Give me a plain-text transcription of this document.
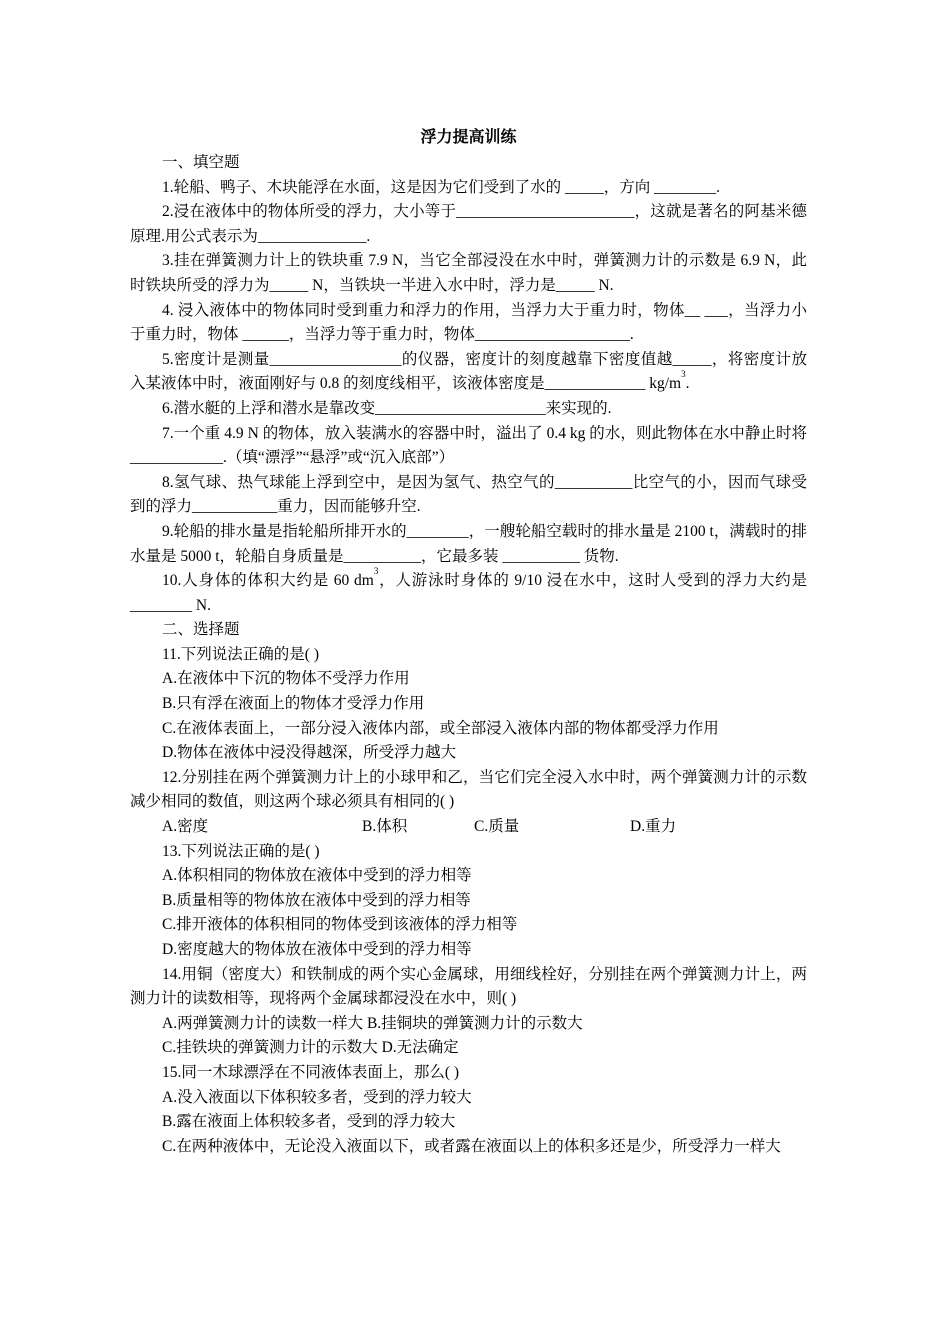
浮力提高训练

一、填空题

1.轮船、鸭子、木块能浮在水面，这是因为它们受到了水的 _____，方向 ________.

2.浸在液体中的物体所受的浮力，大小等于_______________________，这就是著名的阿基米德原理.用公式表示为______________.

3.挂在弹簧测力计上的铁块重 7.9 N，当它全部浸没在水中时，弹簧测力计的示数是 6.9 N，此时铁块所受的浮力为_____ N，当铁块一半进入水中时，浮力是_____ N.

4. 浸入液体中的物体同时受到重力和浮力的作用，当浮力大于重力时，物体__ ___，当浮力小于重力时，物体 ______，当浮力等于重力时，物体____________________.

5.密度计是测量_________________的仪器，密度计的刻度越靠下密度值越_____，将密度计放入某液体中时，液面刚好与 0.8 的刻度线相平，该液体密度是_____________ $kg/m^3$.

6.潜水艇的上浮和潜水是靠改变______________________来实现的.

7.一个重 4.9 N 的物体，放入装满水的容器中时，溢出了 0.4 kg 的水，则此物体在水中静止时将 ____________.（填“漂浮”“悬浮”或“沉入底部”）

8.氢气球、热气球能上浮到空中，是因为氢气、热空气的__________比空气的小，因而气球受到的浮力___________重力，因而能够升空.

9.轮船的排水量是指轮船所排开水的________，一艘轮船空载时的排水量是 2100 t，满载时的排水量是 5000 t，轮船自身质量是__________，它最多装 __________ 货物.

10.人身体的体积大约是 60 $dm^3$，人游泳时身体的 9/10 浸在水中，这时人受到的浮力大约是________ N.

二、选择题

11.下列说法正确的是( )

A.在液体中下沉的物体不受浮力作用

B.只有浮在液面上的物体才受浮力作用

C.在液体表面上，一部分浸入液体内部，或全部浸入液体内部的物体都受浮力作用

D.物体在液体中浸没得越深，所受浮力越大

12.分别挂在两个弹簧测力计上的小球甲和乙，当它们完全浸入水中时，两个弹簧测力计的示数减少相同的数值，则这两个球必须具有相同的( )

A.密度	B.体积	C.质量	D.重力

13.下列说法正确的是( )

A.体积相同的物体放在液体中受到的浮力相等

B.质量相等的物体放在液体中受到的浮力相等

C.排开液体的体积相同的物体受到该液体的浮力相等

D.密度越大的物体放在液体中受到的浮力相等

14.用铜（密度大）和铁制成的两个实心金属球，用细线栓好，分别挂在两个弹簧测力计上，两测力计的读数相等，现将两个金属球都浸没在水中，则( )

A.两弹簧测力计的读数一样大 B.挂铜块的弹簧测力计的示数大

C.挂铁块的弹簧测力计的示数大 D.无法确定

15.同一木球漂浮在不同液体表面上，那么( )

A.没入液面以下体积较多者，受到的浮力较大

B.露在液面上体积较多者，受到的浮力较大

C.在两种液体中，无论没入液面以下，或者露在液面以上的体积多还是少，所受浮力一样大
